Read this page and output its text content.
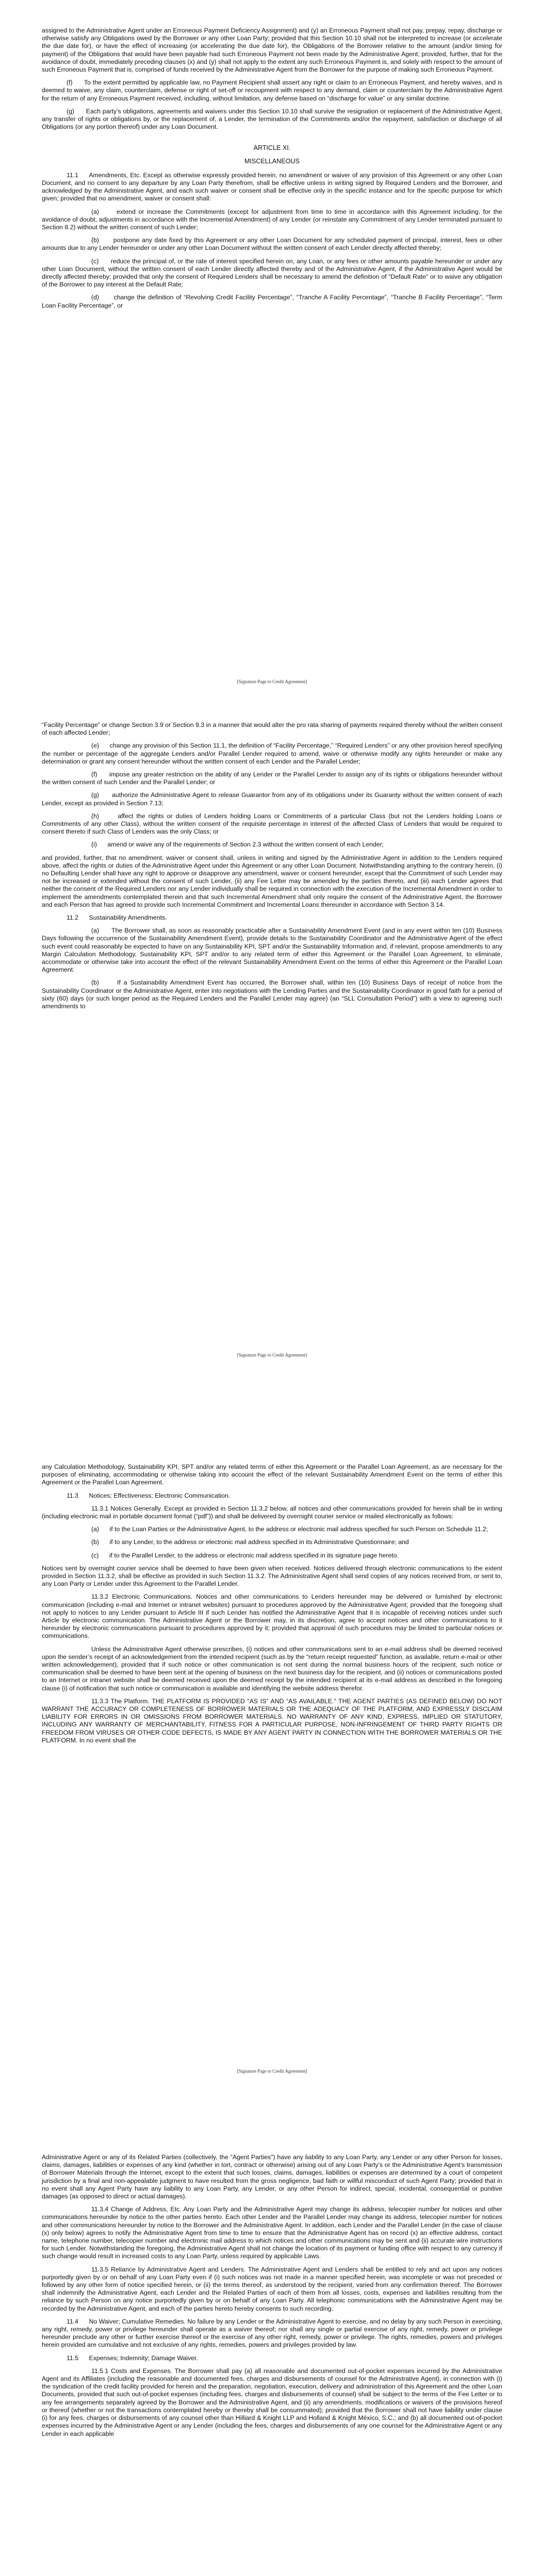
assigned to the Administrative Agent under an Erroneous Payment Deficiency Assignment) and (y) an Erroneous Payment shall not pay, prepay, repay, discharge or otherwise satisfy any Obligations owed by the Borrower or any other Loan Party; provided that this Section 10.10 shall not be interpreted to increase (or accelerate the due date for), or have the effect of increasing (or accelerating the due date for), the Obligations of the Borrower relative to the amount (and/or timing for payment) of the Obligations that would have been payable had such Erroneous Payment not been made by the Administrative Agent; provided, further, that for the avoidance of doubt, immediately preceding clauses (x) and (y) shall not apply to the extent any such Erroneous Payment is, and solely with respect to the amount of such Erroneous Payment that is, comprised of funds received by the Administrative Agent from the Borrower for the purpose of making such Erroneous Payment.

(f)      To the extent permitted by applicable law, no Payment Recipient shall assert any right or claim to an Erroneous Payment, and hereby waives, and is deemed to waive, any claim, counterclaim, defense or right of set-off or recoupment with respect to any demand, claim or counterclaim by the Administrative Agent for the return of any Erroneous Payment received, including, without limitation, any defense based on “discharge for value” or any similar doctrine.

(g)      Each party’s obligations, agreements and waivers under this Section 10.10 shall survive the resignation or replacement of the Administrative Agent, any transfer of rights or obligations by, or the replacement of, a Lender, the termination of the Commitments and/or the repayment, satisfaction or discharge of all Obligations (or any portion thereof) under any Loan Document.

ARTICLE XI.

MISCELLANEOUS

11.1     Amendments, Etc. Except as otherwise expressly provided herein, no amendment or waiver of any provision of this Agreement or any other Loan Document, and no consent to any departure by any Loan Party therefrom, shall be effective unless in writing signed by Required Lenders and the Borrower, and acknowledged by the Administrative Agent, and each such waiver or consent shall be effective only in the specific instance and for the specific purpose for which given; provided that no amendment, waiver or consent shall:

(a)      extend or increase the Commitments (except for adjustment from time to time in accordance with this Agreement including, for the avoidance of doubt, adjustments in accordance with the Incremental Amendment) of any Lender (or reinstate any Commitment of any Lender terminated pursuant to Section 8.2) without the written consent of such Lender;

(b)      postpone any date fixed by this Agreement or any other Loan Document for any scheduled payment of principal, interest, fees or other amounts due to any Lender hereunder or under any other Loan Document without the written consent of each Lender directly affected thereby;

(c)      reduce the principal of, or the rate of interest specified herein on, any Loan, or any fees or other amounts payable hereunder or under any other Loan Document, without the written consent of each Lender directly affected thereby and of the Administrative Agent, if the Administrative Agent would be directly affected thereby; provided that only the consent of Required Lenders shall be necessary to amend the definition of “Default Rate” or to waive any obligation of the Borrower to pay interest at the Default Rate;

(d)      change the definition of “Revolving Credit Facility Percentage”, “Tranche A Facility Percentage”, “Tranche B Facility Percentage”, “Term Loan Facility Percentage”, or

[Signature Page to Credit Agreement]

“Facility Percentage” or change Section 3.9 or Section 9.3 in a manner that would alter the pro rata sharing of payments required thereby without the written consent of each affected Lender;

(e)      change any provision of this Section 11.1, the definition of “Facility Percentage,” “Required Lenders” or any other provision hereof specifying the number or percentage of the aggregate Lenders and/or Parallel Lender required to amend, waive or otherwise modify any rights hereunder or make any determination or grant any consent hereunder without the written consent of each Lender and the Parallel Lender;

(f)      impose any greater restriction on the ability of any Lender or the Parallel Lender to assign any of its rights or obligations hereunder without the written consent of such Lender and the Parallel Lender; or

(g)      authorize the Administrative Agent to release Guarantor from any of its obligations under its Guaranty without the written consent of each Lender, except as provided in Section 7.13;

(h)      affect the rights or duties of Lenders holding Loans or Commitments of a particular Class (but not the Lenders holding Loans or Commitments of any other Class), without the written consent of the requisite percentage in interest of the affected Class of Lenders that would be required to consent thereto if such Class of Lenders was the only Class; or

(i)      amend or waive any of the requirements of Section 2.3 without the written consent of each Lender;

and provided, further, that no amendment, waiver or consent shall, unless in writing and signed by the Administrative Agent in addition to the Lenders required above, affect the rights or duties of the Administrative Agent under this Agreement or any other Loan Document. Notwithstanding anything to the contrary herein, (i) no Defaulting Lender shall have any right to approve or disapprove any amendment, waiver or consent hereunder, except that the Commitment of such Lender may not be increased or extended without the consent of such Lender, (ii) any Fee Letter may be amended by the parties thereto, and (iii) each Lender agrees that neither the consent of the Required Lenders nor any Lender individually shall be required in connection with the execution of the Incremental Amendment in order to implement the amendments contemplated therein and that such Incremental Amendment shall only require the consent of the Administrative Agent, the Borrower and each Person that has agreed to provide such Incremental Commitment and Incremental Loans thereunder in accordance with Section 3.14.

11.2      Sustainability Amendments.

(a)      The Borrower shall, as soon as reasonably practicable after a Sustainability Amendment Event (and in any event within ten (10) Business Days following the occurrence of the Sustainability Amendment Event), provide details to the Sustainability Coordinator and the Administrative Agent of the effect such event could reasonably be expected to have on any Sustainability KPI, SPT and/or the Sustainability Information and, if relevant, propose amendments to any Margin Calculation Methodology, Sustainability KPI, SPT and/or to any related term of either this Agreement or the Parallel Loan Agreement, to eliminate, accommodate or otherwise take into account the effect of the relevant Sustainability Amendment Event on the terms of either this Agreement or the Parallel Loan Agreement.

(b)      If a Sustainability Amendment Event has occurred, the Borrower shall, within ten (10) Business Days of receipt of notice from the Sustainability Coordinator or the Administrative Agent, enter into negotiations with the Lending Parties and the Sustainability Coordinator in good faith for a period of sixty (60) days (or such longer period as the Required Lenders and the Parallel Lender may agree) (an “SLL Consultation Period”) with a view to agreeing such amendments to

[Signature Page to Credit Agreement]

any Calculation Methodology, Sustainability KPI, SPT and/or any related terms of either this Agreement or the Parallel Loan Agreement, as are necessary for the purposes of eliminating, accommodating or otherwise taking into account the effect of the relevant Sustainability Amendment Event on the terms of either this Agreement or the Parallel Loan Agreement.

11.3      Notices; Effectiveness; Electronic Communication.

11.3.1 Notices Generally. Except as provided in Section 11.3.2 below, all notices and other communications provided for herein shall be in writing (including electronic mail in portable document format (“pdf”)) and shall be delivered by overnight courier service or mailed electronically as follows:

(a)      if to the Loan Parties or the Administrative Agent, to the address or electronic mail address specified for such Person on Schedule 11.2;

(b)      if to any Lender, to the address or electronic mail address specified in its Administrative Questionnaire; and

(c)      if to the Parallel Lender, to the address or electronic mail address specified in its signature page hereto.

Notices sent by overnight courier service shall be deemed to have been given when received. Notices delivered through electronic communications to the extent provided in Section 11.3.2, shall be effective as provided in such Section 11.3.2. The Administrative Agent shall send copies of any notices received from, or sent to, any Loan Party or Lender under this Agreement to the Parallel Lender.

11.3.2 Electronic Communications. Notices and other communications to Lenders hereunder may be delivered or furnished by electronic communication (including e-mail and Internet or intranet websites) pursuant to procedures approved by the Administrative Agent; provided that the foregoing shall not apply to notices to any Lender pursuant to Article III if such Lender has notified the Administrative Agent that it is incapable of receiving notices under such Article by electronic communication. The Administrative Agent or the Borrower may, in its discretion, agree to accept notices and other communications to it hereunder by electronic communications pursuant to procedures approved by it; provided that approval of such procedures may be limited to particular notices or communications.

Unless the Administrative Agent otherwise prescribes, (i) notices and other communications sent to an e-mail address shall be deemed received upon the sender’s receipt of an acknowledgement from the intended recipient (such as by the “return receipt requested” function, as available, return e-mail or other written acknowledgement), provided that if such notice or other communication is not sent during the normal business hours of the recipient, such notice or communication shall be deemed to have been sent at the opening of business on the next business day for the recipient, and (ii) notices or communications posted to an Internet or intranet website shall be deemed received upon the deemed receipt by the intended recipient at its e-mail address as described in the foregoing clause (i) of notification that such notice or communication is available and identifying the website address therefor.

11.3.3 The Platform. THE PLATFORM IS PROVIDED “AS IS” AND “AS AVAILABLE.” THE AGENT PARTIES (AS DEFINED BELOW) DO NOT WARRANT THE ACCURACY OR COMPLETENESS OF BORROWER MATERIALS OR THE ADEQUACY OF THE PLATFORM, AND EXPRESSLY DISCLAIM LIABILITY FOR ERRORS IN OR OMISSIONS FROM BORROWER MATERIALS. NO WARRANTY OF ANY KIND, EXPRESS, IMPLIED OR STATUTORY, INCLUDING ANY WARRANTY OF MERCHANTABILITY, FITNESS FOR A PARTICULAR PURPOSE, NON-INFRINGEMENT OF THIRD PARTY RIGHTS OR FREEDOM FROM VIRUSES OR OTHER CODE DEFECTS, IS MADE BY ANY AGENT PARTY IN CONNECTION WITH THE BORROWER MATERIALS OR THE PLATFORM. In no event shall the

[Signature Page to Credit Agreement]

Administrative Agent or any of its Related Parties (collectively, the “Agent Parties”) have any liability to any Loan Party, any Lender or any other Person for losses, claims, damages, liabilities or expenses of any kind (whether in tort, contract or otherwise) arising out of any Loan Party’s or the Administrative Agent’s transmission of Borrower Materials through the Internet, except to the extent that such losses, claims, damages, liabilities or expenses are determined by a court of competent jurisdiction by a final and non-appealable judgment to have resulted from the gross negligence, bad faith or willful misconduct of such Agent Party; provided that in no event shall any Agent Party have any liability to any Loan Party, any Lender, or any other Person for indirect, special, incidental, consequential or punitive damages (as opposed to direct or actual damages).

11.3.4 Change of Address, Etc. Any Loan Party and the Administrative Agent may change its address, telecopier number for notices and other communications hereunder by notice to the other parties hereto. Each other Lender and the Parallel Lender may change its address, telecopier number for notices and other communications hereunder by notice to the Borrower and the Administrative Agent. In addition, each Lender and the Parallel Lender (in the case of clause (x) only below) agrees to notify the Administrative Agent from time to time to ensure that the Administrative Agent has on record (x) an effective address, contact name, telephone number, telecopier number and electronic mail address to which notices and other communications may be sent and (ii) accurate wire instructions for such Lender. Notwithstanding the foregoing, the Administrative Agent shall not change the location of its payment or funding office with respect to any currency if such change would result in increased costs to any Loan Party, unless required by applicable Laws.

11.3.5 Reliance by Administrative Agent and Lenders. The Administrative Agent and Lenders shall be entitled to rely and act upon any notices purportedly given by or on behalf of any Loan Party even if (i) such notices was not made in a manner specified herein, was incomplete or was not preceded or followed by any other form of notice specified herein, or (ii) the terms thereof, as understood by the recipient, varied from any confirmation thereof. The Borrower shall indemnify the Administrative Agent, each Lender and the Related Parties of each of them from all losses, costs, expenses and liabilities resulting from the reliance by such Person on any notice purportedly given by or on behalf of any Loan Party. All telephonic communications with the Administrative Agent may be recorded by the Administrative Agent, and each of the parties hereto hereby consents to such recording.

11.4      No Waiver; Cumulative Remedies. No failure by any Lender or the Administrative Agent to exercise, and no delay by any such Person in exercising, any right, remedy, power or privilege hereunder shall operate as a waiver thereof; nor shall any single or partial exercise of any right, remedy, power or privilege hereunder preclude any other or further exercise thereof or the exercise of any other right, remedy, power or privilege. The rights, remedies, powers and privileges herein provided are cumulative and not exclusive of any rights, remedies, powers and privileges provided by law.

11.5      Expenses; Indemnity; Damage Waiver.

11.5.1 Costs and Expenses. The Borrower shall pay (a) all reasonable and documented out-of-pocket expenses incurred by the Administrative Agent and its Affiliates (including the reasonable and documented fees, charges and disbursements of counsel for the Administrative Agent), in connection with (i) the syndication of the credit facility provided for herein and the preparation, negotiation, execution, delivery and administration of this Agreement and the other Loan Documents, provided that such out-of-pocket expenses (including fees, charges and disbursements of counsel) shall be subject to the terms of the Fee Letter or to any fee arrangements separately agreed by the Borrower and the Administrative Agent, and (ii) any amendments, modifications or waivers of the provisions hereof or thereof (whether or not the transactions contemplated hereby or thereby shall be consummated); provided that the Borrower shall not have liability under clause (i) for any fees, charges or disbursements of any counsel other than Hilliard & Knight LLP and Holland & Knight México, S.C.; and (b) all documented out-of-pocket expenses incurred by the Administrative Agent or any Lender (including the fees, charges and disbursements of any one counsel for the Administrative Agent or any Lender in each applicable
